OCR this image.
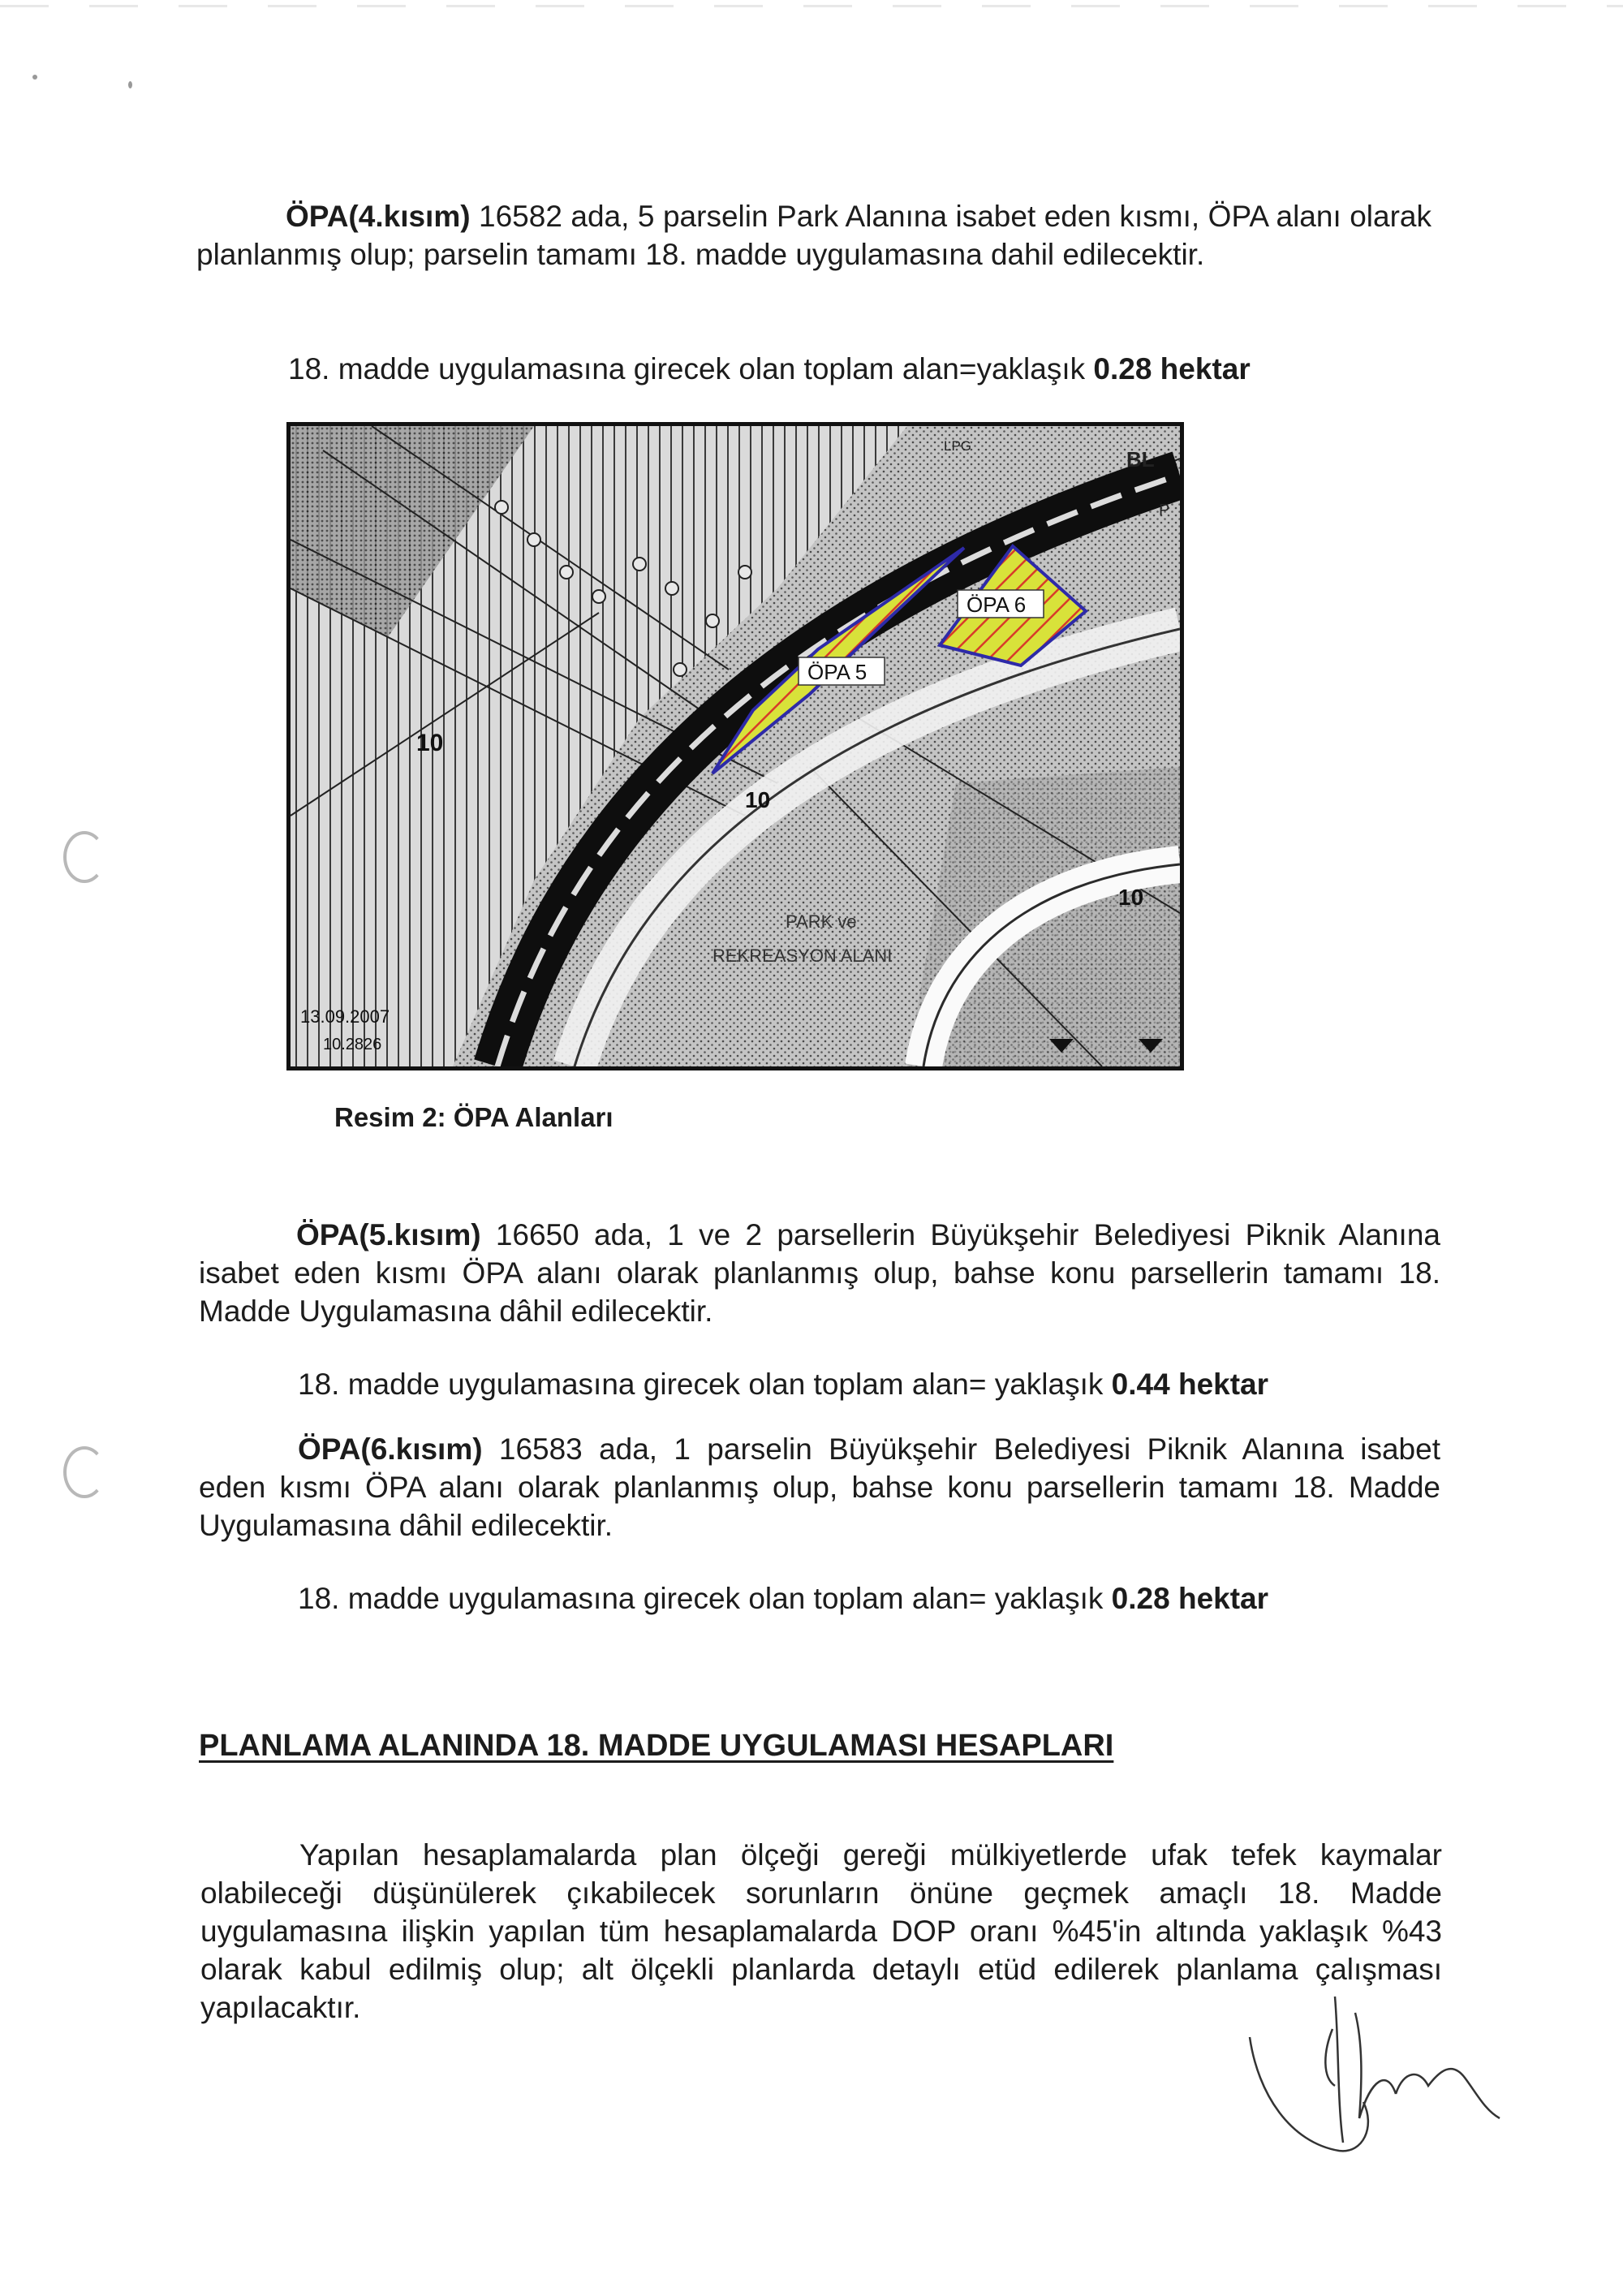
ÖPA(4.kısım) 16582 ada, 5 parselin Park Alanına isabet eden kısmı, ÖPA alanı olarak planlanmış olup; parselin tamamı 18. madde uygulamasına dahil edilecektir.
18. madde uygulamasına girecek olan toplam alan=yaklaşık 0.28 hektar
ÖPA 5
ÖPA 6
LPG
BL
P
10
10
10
PARK ve
REKREASYON ALANI
13.09.2007
10.2826
Resim 2: ÖPA Alanları
ÖPA(5.kısım) 16650 ada, 1 ve 2 parsellerin Büyükşehir Belediyesi Piknik Alanına isabet eden kısmı ÖPA alanı olarak planlanmış olup, bahse konu parsellerin tamamı 18. Madde Uygulamasına dâhil edilecektir.
18. madde uygulamasına girecek olan toplam alan= yaklaşık 0.44 hektar
ÖPA(6.kısım) 16583 ada, 1 parselin Büyükşehir Belediyesi Piknik Alanına isabet eden kısmı ÖPA alanı olarak planlanmış olup, bahse konu parsellerin tamamı 18. Madde Uygulamasına dâhil edilecektir.
18. madde uygulamasına girecek olan toplam alan= yaklaşık 0.28 hektar
PLANLAMA ALANINDA 18. MADDE UYGULAMASI HESAPLARI
Yapılan hesaplamalarda plan ölçeği gereği mülkiyetlerde ufak tefek kaymalar olabileceği düşünülerek çıkabilecek sorunların önüne geçmek amaçlı 18. Madde uygulamasına ilişkin yapılan tüm hesaplamalarda DOP oranı %45'in altında yaklaşık %43 olarak kabul edilmiş olup; alt ölçekli planlarda detaylı etüd edilerek planlama çalışması yapılacaktır.
